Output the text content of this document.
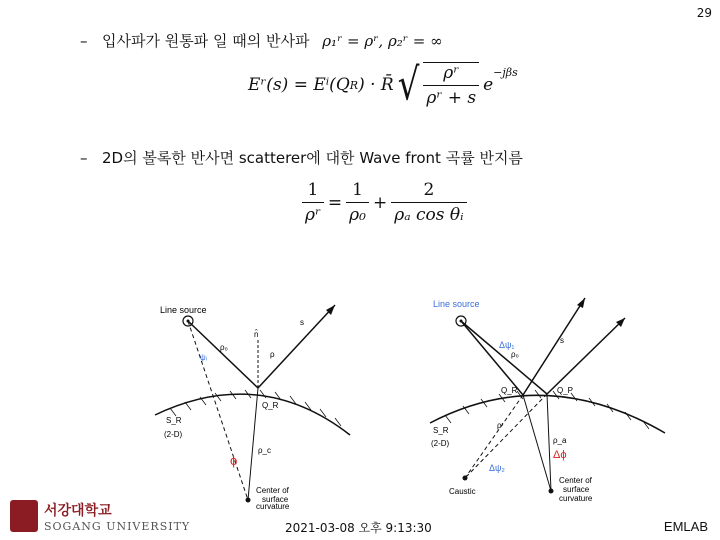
29
– 입사파가 원통파 일 때의 반사파 ρ₁ʳ = ρʳ, ρ₂ʳ = ∞
Eʳ(s) = Eⁱ(Q R ) · R̄ √ $\frac{\text{ρʳ}}{\text{ρʳ + s}}$ e
$^{-j\beta s}$
– 2D의 볼록한 반사면 scatterer에 대한 Wave front 곡률 반지름
$\frac{1}{\text{ρʳ}} = \frac{1}{\text{ρ₀}} + \frac{2}{\text{ρₐ cos θᵢ}}$
Line source
ρ₀
ψᵢ
n̂
ρ
s
Q_R
S_R
(2-D)
ϕ
ρ_c
Center of
surface
curvature
Line source
Δψ₁
ρ₀
s
Q_R	Q_P
S_R
(2-D)
ρʳ
ρ_a
Δϕ
Δψ₂
Caustic
Center of
surface
curvature
서강대학교
SOGANG UNIVERSITY	2021-03-08 오후 9:13:30	EMLAB
